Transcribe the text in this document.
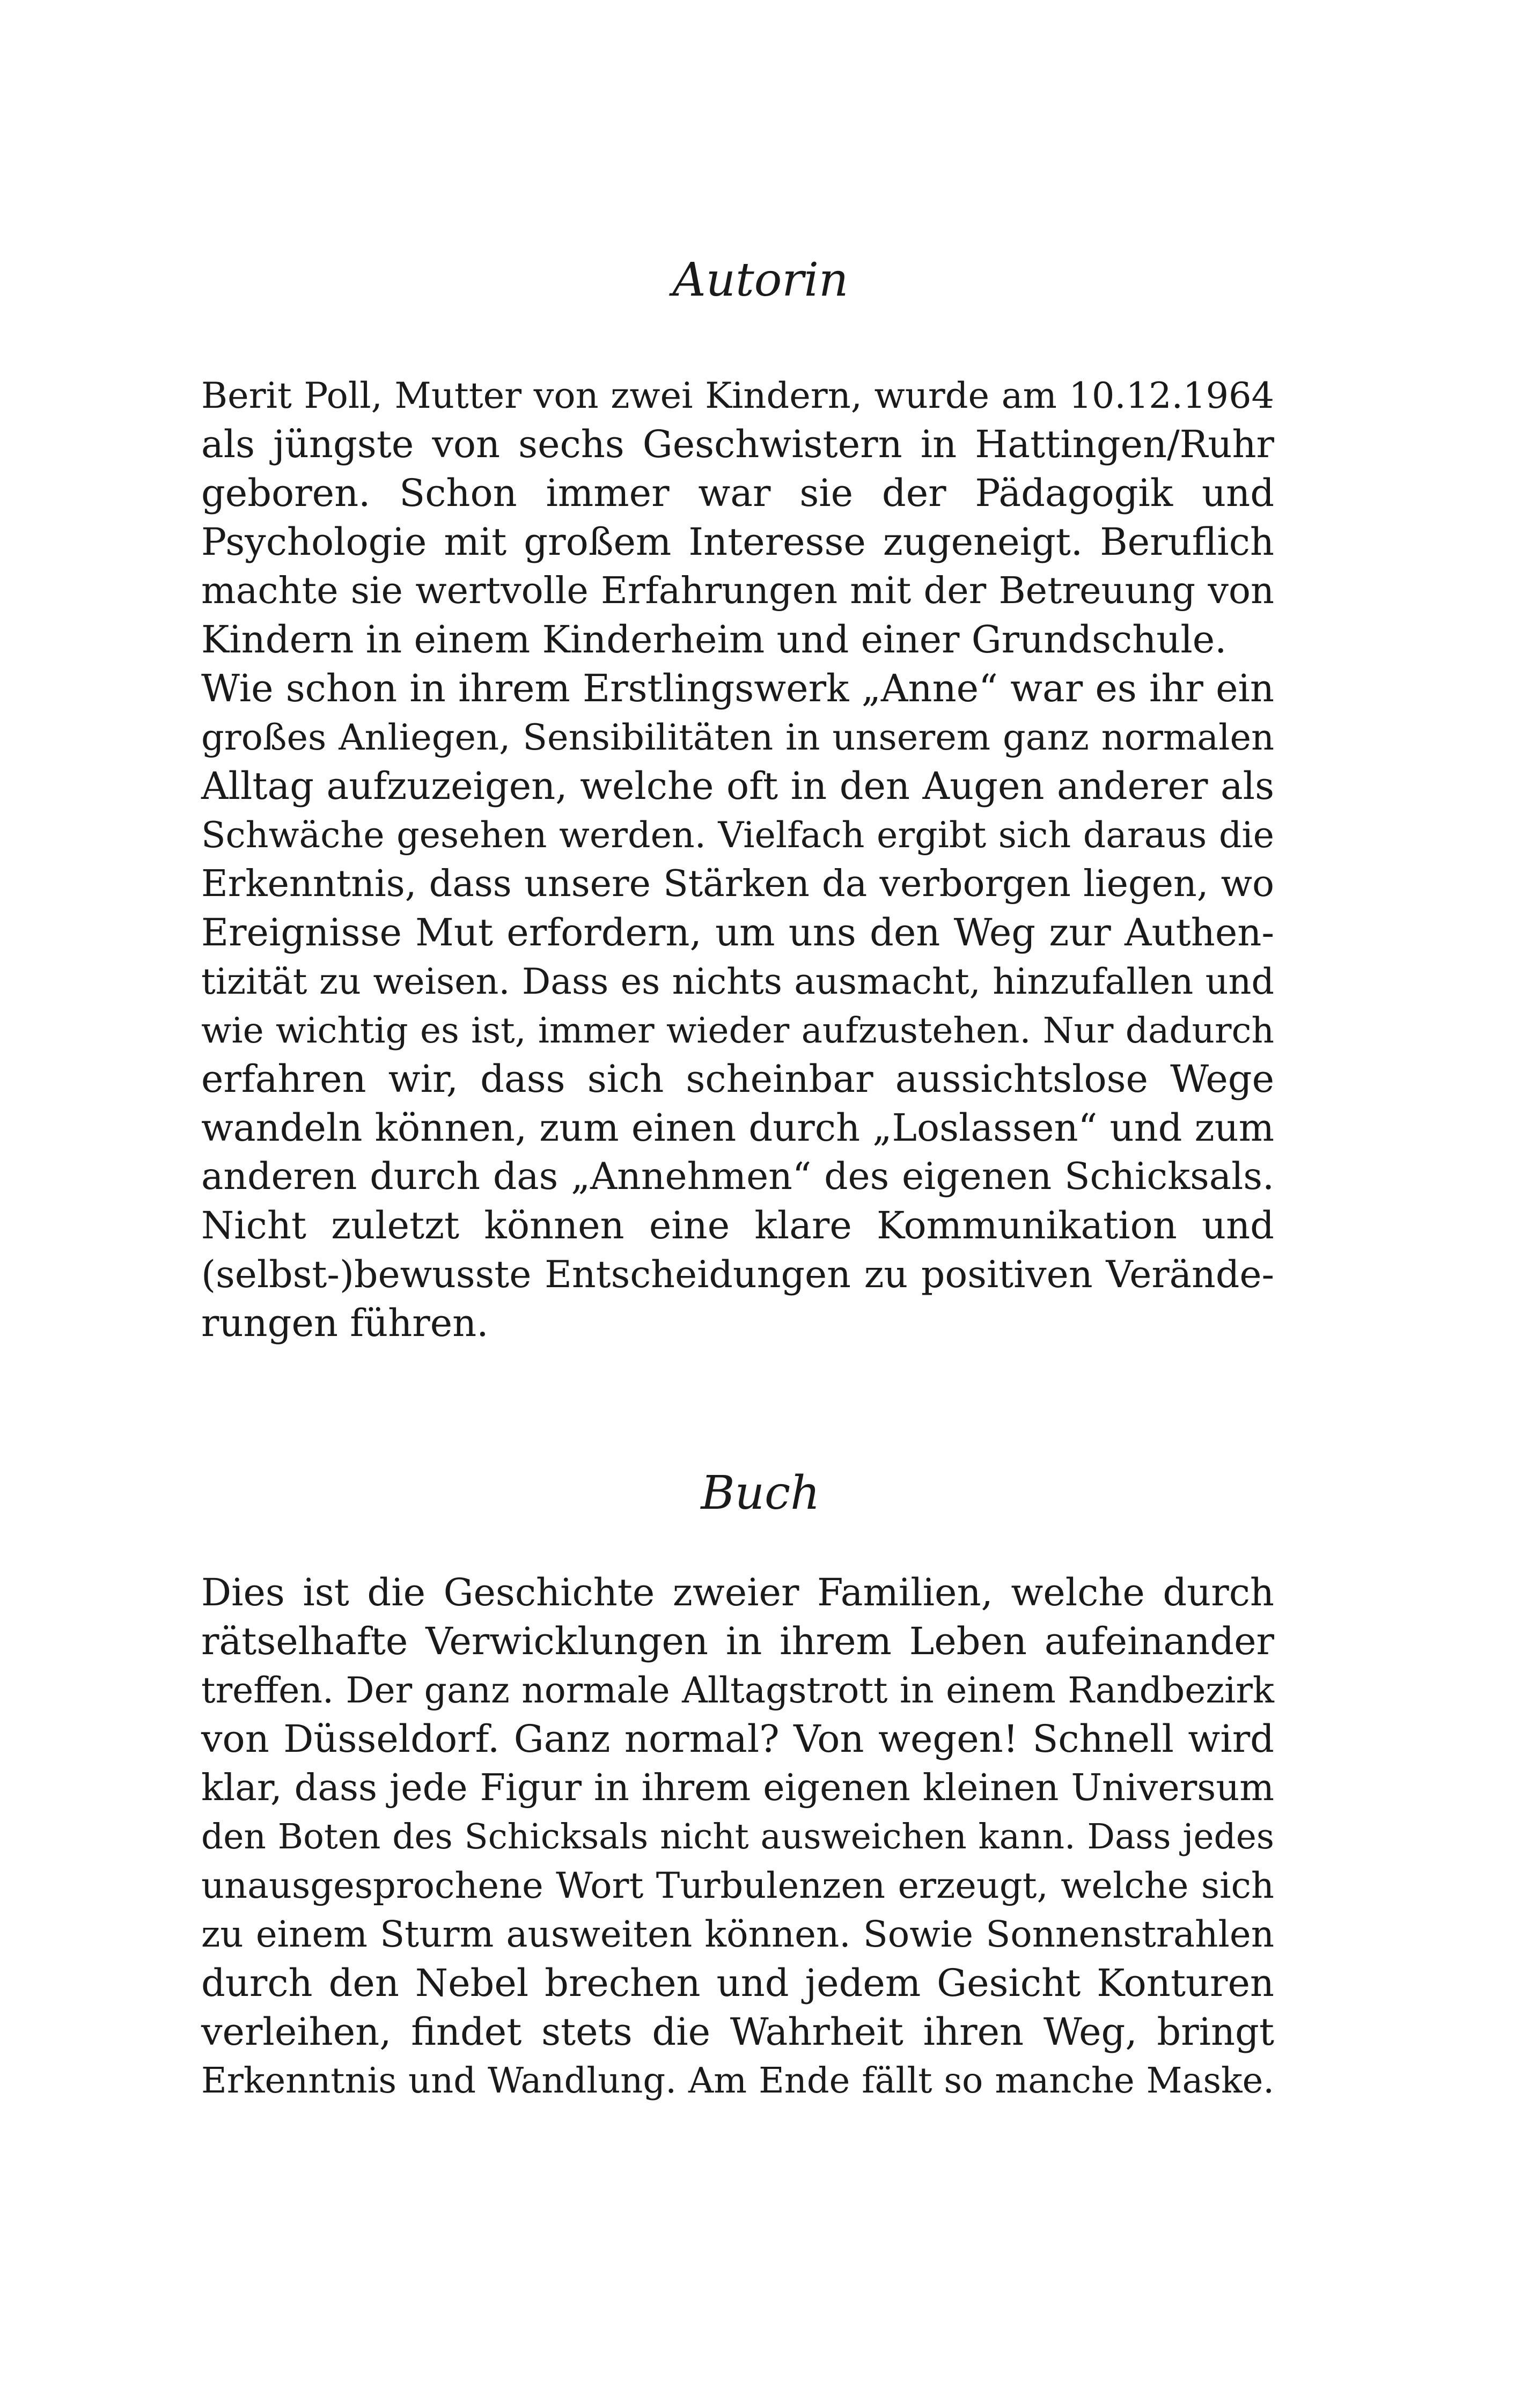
Autorin
Berit Poll, Mutter von zwei Kindern, wurde am 10.12.1964
als jüngste von sechs Geschwistern in Hattingen/Ruhr
geboren. Schon immer war sie der Pädagogik und
Psychologie mit großem Interesse zugeneigt. Beruflich
machte sie wertvolle Erfahrungen mit der Betreuung von
Kindern in einem Kinderheim und einer Grundschule.
Wie schon in ihrem Erstlingswerk „Anne“ war es ihr ein
großes Anliegen, Sensibilitäten in unserem ganz normalen
Alltag aufzuzeigen, welche oft in den Augen anderer als
Schwäche gesehen werden. Vielfach ergibt sich daraus die
Erkenntnis, dass unsere Stärken da verborgen liegen, wo
Ereignisse Mut erfordern, um uns den Weg zur Authen-
tizität zu weisen. Dass es nichts ausmacht, hinzufallen und
wie wichtig es ist, immer wieder aufzustehen. Nur dadurch
erfahren wir, dass sich scheinbar aussichtslose Wege
wandeln können, zum einen durch „Loslassen“ und zum
anderen durch das „Annehmen“ des eigenen Schicksals.
Nicht zuletzt können eine klare Kommunikation und
(selbst-)bewusste Entscheidungen zu positiven Verände-
rungen führen.
Buch
Dies ist die Geschichte zweier Familien, welche durch
rätselhafte Verwicklungen in ihrem Leben aufeinander
treffen. Der ganz normale Alltagstrott in einem Randbezirk
von Düsseldorf. Ganz normal? Von wegen! Schnell wird
klar, dass jede Figur in ihrem eigenen kleinen Universum
den Boten des Schicksals nicht ausweichen kann. Dass jedes
unausgesprochene Wort Turbulenzen erzeugt, welche sich
zu einem Sturm ausweiten können. Sowie Sonnenstrahlen
durch den Nebel brechen und jedem Gesicht Konturen
verleihen, findet stets die Wahrheit ihren Weg, bringt
Erkenntnis und Wandlung. Am Ende fällt so manche Maske.
